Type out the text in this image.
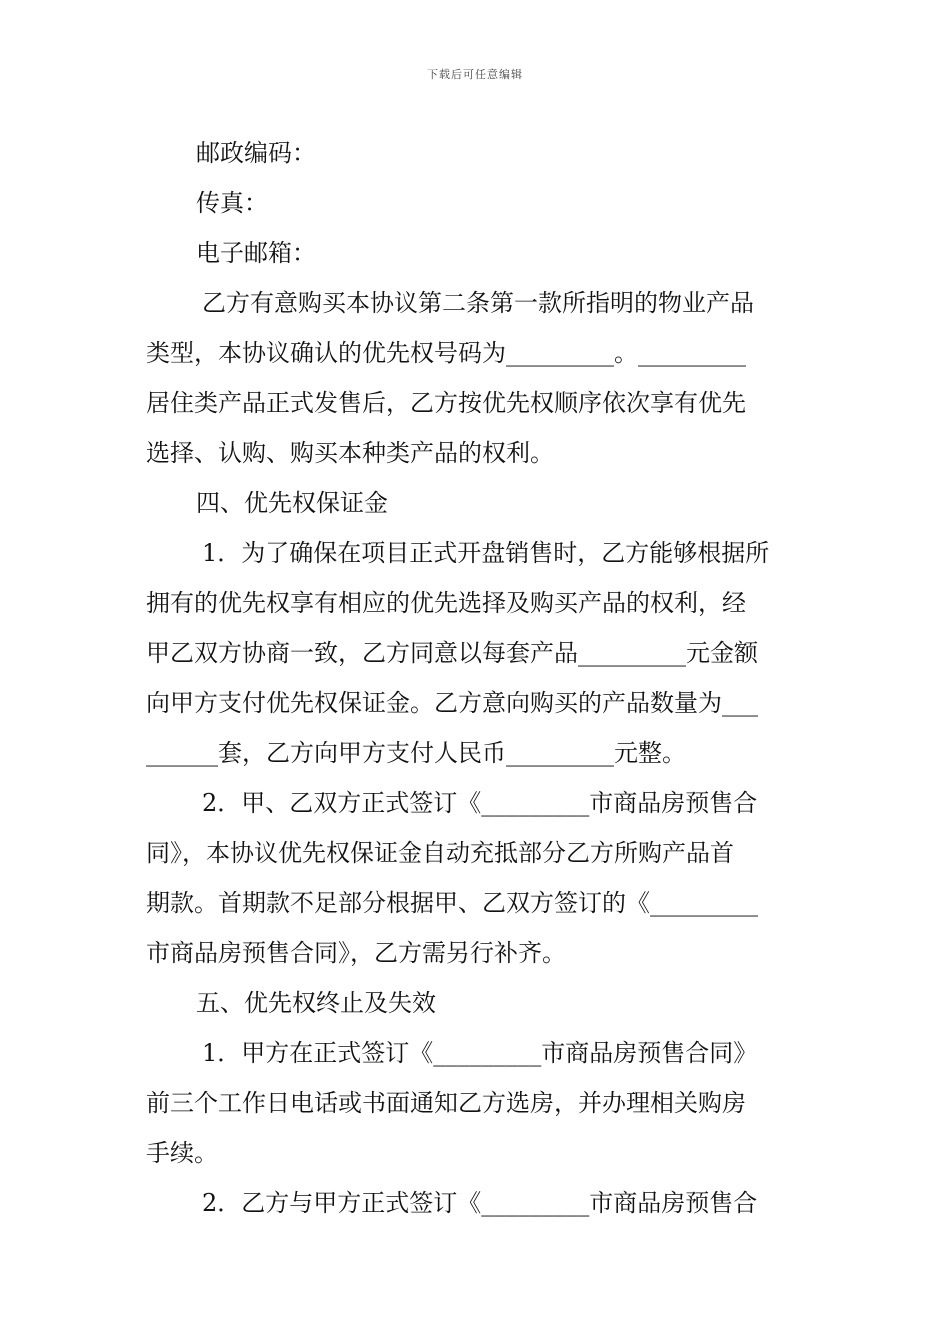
下载后可任意编辑
邮政编码：
传真：
电子邮箱：
乙方有意购买本协议第二条第一款所指明的物业产品
类型，本协议确认的优先权号码为_________。_________
居住类产品正式发售后，乙方按优先权顺序依次享有优先
选择、认购、购买本种类产品的权利。
四、优先权保证金
1．为了确保在项目正式开盘销售时，乙方能够根据所
拥有的优先权享有相应的优先选择及购买产品的权利，经
甲乙双方协商一致，乙方同意以每套产品_________元金额
向甲方支付优先权保证金。乙方意向购买的产品数量为___
______套，乙方向甲方支付人民币_________元整。
2．甲、乙双方正式签订《_________市商品房预售合
同》，本协议优先权保证金自动充抵部分乙方所购产品首
期款。首期款不足部分根据甲、乙双方签订的《_________
市商品房预售合同》，乙方需另行补齐。
五、优先权终止及失效
1．甲方在正式签订《_________市商品房预售合同》
前三个工作日电话或书面通知乙方选房，并办理相关购房
手续。
2．乙方与甲方正式签订《_________市商品房预售合
